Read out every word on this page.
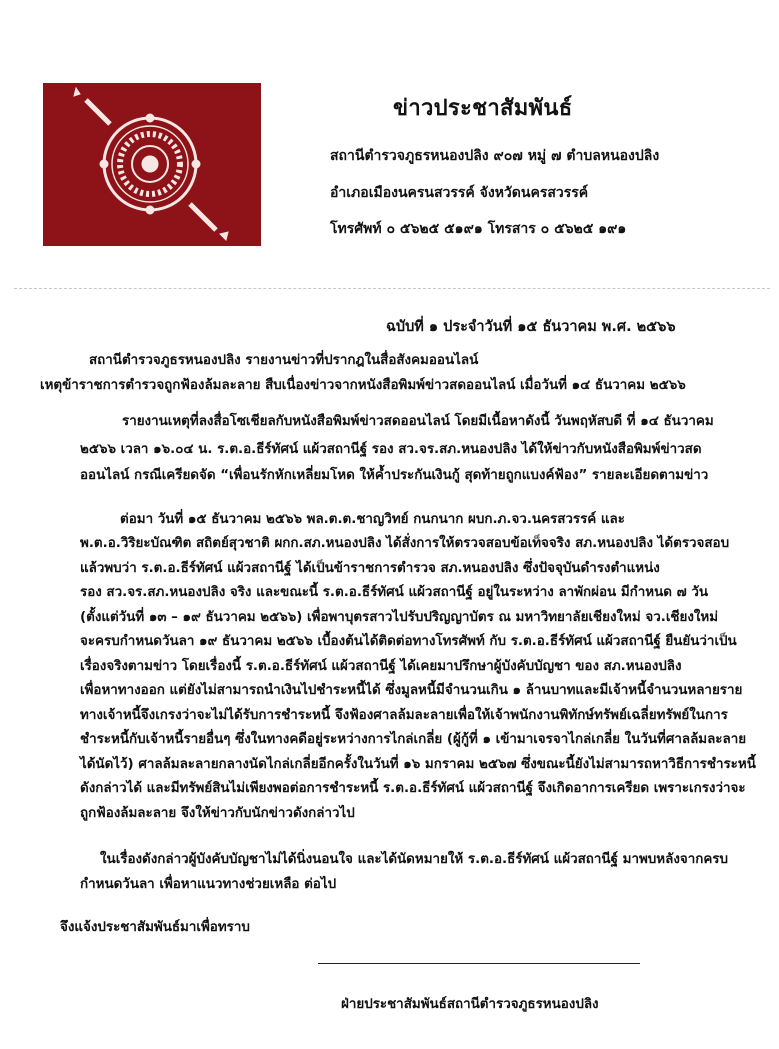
ข่าวประชาสัมพันธ์
สถานีตำรวจภูธรหนองปลิง ๙๐๗ หมู่ ๗ ตำบลหนองปลิง
อำเภอเมืองนครนสวรรค์ จังหวัดนครสวรรค์
โทรศัพท์ ๐ ๕๖๒๕ ๕๑๙๑ โทรสาร ๐ ๕๖๒๕ ๑๙๑
ฉบับที่ ๑ ประจำวันที่ ๑๕ ธันวาคม พ.ศ. ๒๕๖๖
สถานีตำรวจภูธรหนองปลิง รายงานข่าวที่ปรากฎในสื่อสังคมออนไลน์
เหตุข้าราชการตำรวจถูกฟ้องล้มละลาย สืบเนื่องข่าวจากหนังสือพิมพ์ข่าวสดออนไลน์ เมื่อวันที่ ๑๔ ธันวาคม ๒๕๖๖
รายงานเหตุที่ลงสื่อโซเชียลกับหนังสือพิมพ์ข่าวสดออนไลน์ โดยมีเนื้อหาดังนี้ วันพฤหัสบดี ที่ ๑๔ ธันวาคม
๒๕๖๖ เวลา ๑๖.๐๔ น. ร.ต.อ.ธีร์ทัศน์ แผ้วสถานีฐ์ รอง สว.จร.สภ.หนองปลิง ได้ให้ข่าวกับหนังสือพิมพ์ข่าวสด
ออนไลน์ กรณีเครียดจัด “เพื่อนรักหักเหลี่ยมโหด ให้ค้ำประกันเงินกู้ สุดท้ายถูกแบงค์ฟ้อง” รายละเอียดตามข่าว
ต่อมา วันที่ ๑๕ ธันวาคม ๒๕๖๖ พล.ต.ต.ชาญวิทย์ กนกนาก ผบก.ภ.จว.นครสวรรค์ และ
พ.ต.อ.วิริยะบัณฑิต สถิตย์สุวชาติ ผกก.สภ.หนองปลิง ได้สั่งการให้ตรวจสอบข้อเท็จจริง สภ.หนองปลิง ได้ตรวจสอบ
แล้วพบว่า ร.ต.อ.ธีร์ทัศน์ แผ้วสถานีฐ์ ได้เป็นข้าราชการตำรวจ สภ.หนองปลิง ซึ่งปัจจุบันดำรงตำแหน่ง
รอง สว.จร.สภ.หนองปลิง จริง และขณะนี้ ร.ต.อ.ธีร์ทัศน์ แผ้วสถานีฐ์ อยู่ในระหว่าง ลาพักผ่อน มีกำหนด ๗ วัน
(ตั้งแต่วันที่ ๑๓ – ๑๙ ธันวาคม ๒๕๖๖) เพื่อพาบุตรสาวไปรับปริญญาบัตร ณ มหาวิทยาลัยเชียงใหม่ จว.เชียงใหม่
จะครบกำหนดวันลา ๑๙ ธันวาคม ๒๕๖๖ เบื้องต้นได้ติดต่อทางโทรศัพท์ กับ ร.ต.อ.ธีร์ทัศน์ แผ้วสถานีฐ์ ยืนยันว่าเป็น
เรื่องจริงตามข่าว โดยเรื่องนี้ ร.ต.อ.ธีร์ทัศน์ แผ้วสถานีฐ์ ได้เคยมาปรึกษาผู้บังคับบัญชา ของ สภ.หนองปลิง
เพื่อหาทางออก แต่ยังไม่สามารถนำเงินไปชำระหนี้ได้ ซึ่งมูลหนี้มีจำนวนเกิน ๑ ล้านบาทและมีเจ้าหนี้จำนวนหลายราย
ทางเจ้าหนี้จึงเกรงว่าจะไม่ได้รับการชำระหนี้ จึงฟ้องศาลล้มละลายเพื่อให้เจ้าพนักงานพิทักษ์ทรัพย์เฉลี่ยทรัพย์ในการ
ชำระหนี้กับเจ้าหนี้รายอื่นๆ ซึ่งในทางคดีอยู่ระหว่างการไกล่เกลี่ย (ผู้กู้ที่ ๑ เข้ามาเจรจาไกล่เกลี่ย ในวันที่ศาลล้มละลาย
ได้นัดไว้) ศาลล้มละลายกลางนัดไกล่เกลี่ยอีกครั้งในวันที่ ๑๖ มกราคม ๒๕๖๗ ซึ่งขณะนี้ยังไม่สามารถหาวิธีการชำระหนี้
ดังกล่าวได้ และมีทรัพย์สินไม่เพียงพอต่อการชำระหนี้ ร.ต.อ.ธีร์ทัศน์ แผ้วสถานีฐ์ จึงเกิดอาการเครียด เพราะเกรงว่าจะ
ถูกฟ้องล้มละลาย จึงให้ข่าวกับนักข่าวดังกล่าวไป
ในเรื่องดังกล่าวผู้บังคับบัญชาไม่ได้นิ่งนอนใจ และได้นัดหมายให้ ร.ต.อ.ธีร์ทัศน์ แผ้วสถานีฐ์ มาพบหลังจากครบ
กำหนดวันลา เพื่อหาแนวทางช่วยเหลือ ต่อไป
จึงแจ้งประชาสัมพันธ์มาเพื่อทราบ
ฝ่ายประชาสัมพันธ์สถานีตำรวจภูธรหนองปลิง
